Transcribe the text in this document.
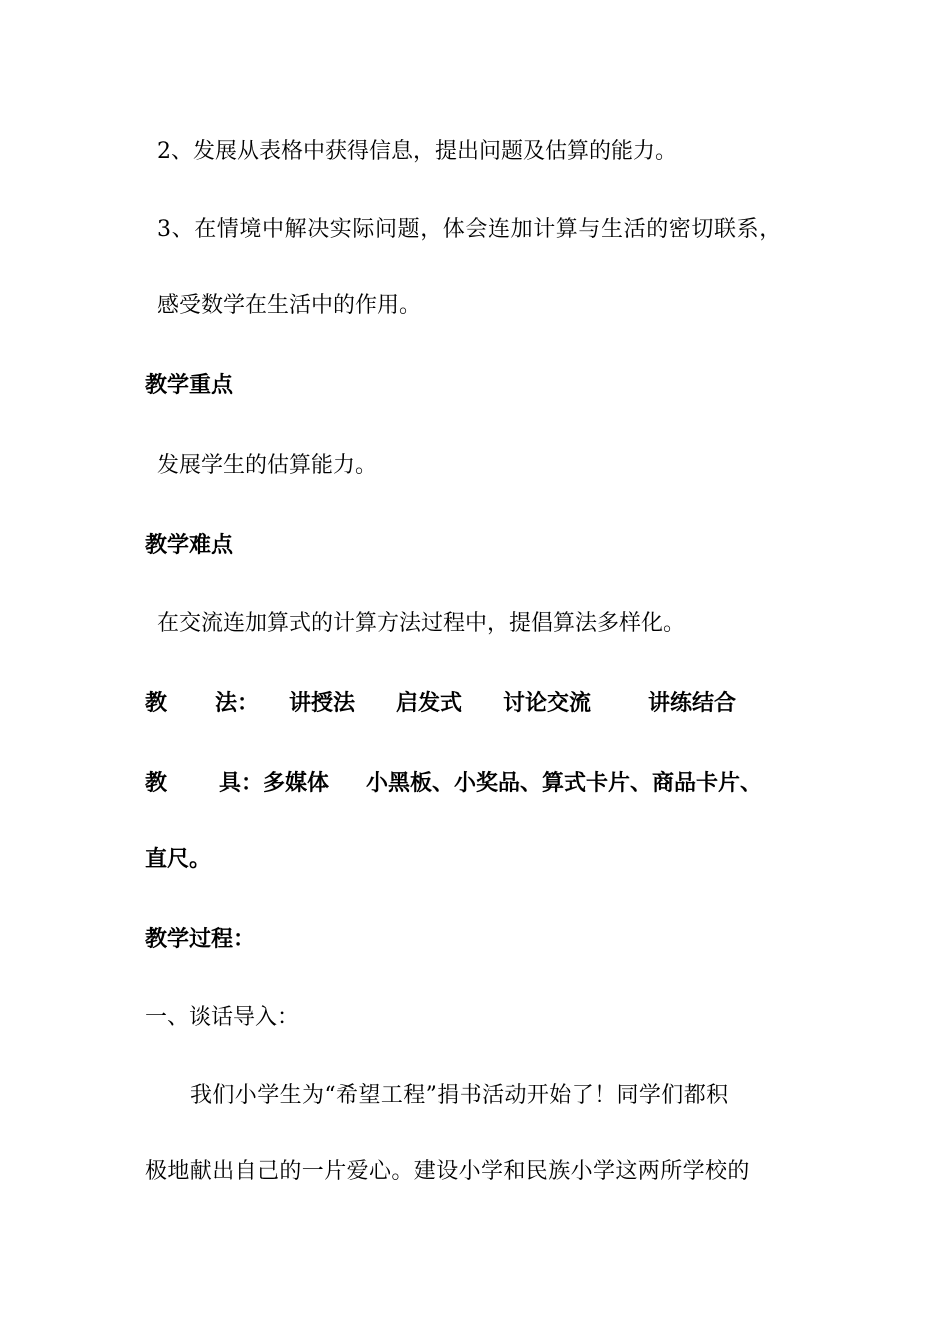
2、发展从表格中获得信息，提出问题及估算的能力。
3、在情境中解决实际问题，体会连加计算与生活的密切联系，
感受数学在生活中的作用。
教学重点
发展学生的估算能力。
教学难点
在交流连加算式的计算方法过程中，提倡算法多样化。
教 法： 讲授法 启发式 讨论交流	讲练结合
教 具：多媒体 小黑板、小奖品、算式卡片、商品卡片、
直尺。
教学过程：
一、谈话导入：
我们小学生为“希望工程”捐书活动开始了！同学们都积
极地献出自己的一片爱心。建设小学和民族小学这两所学校的
